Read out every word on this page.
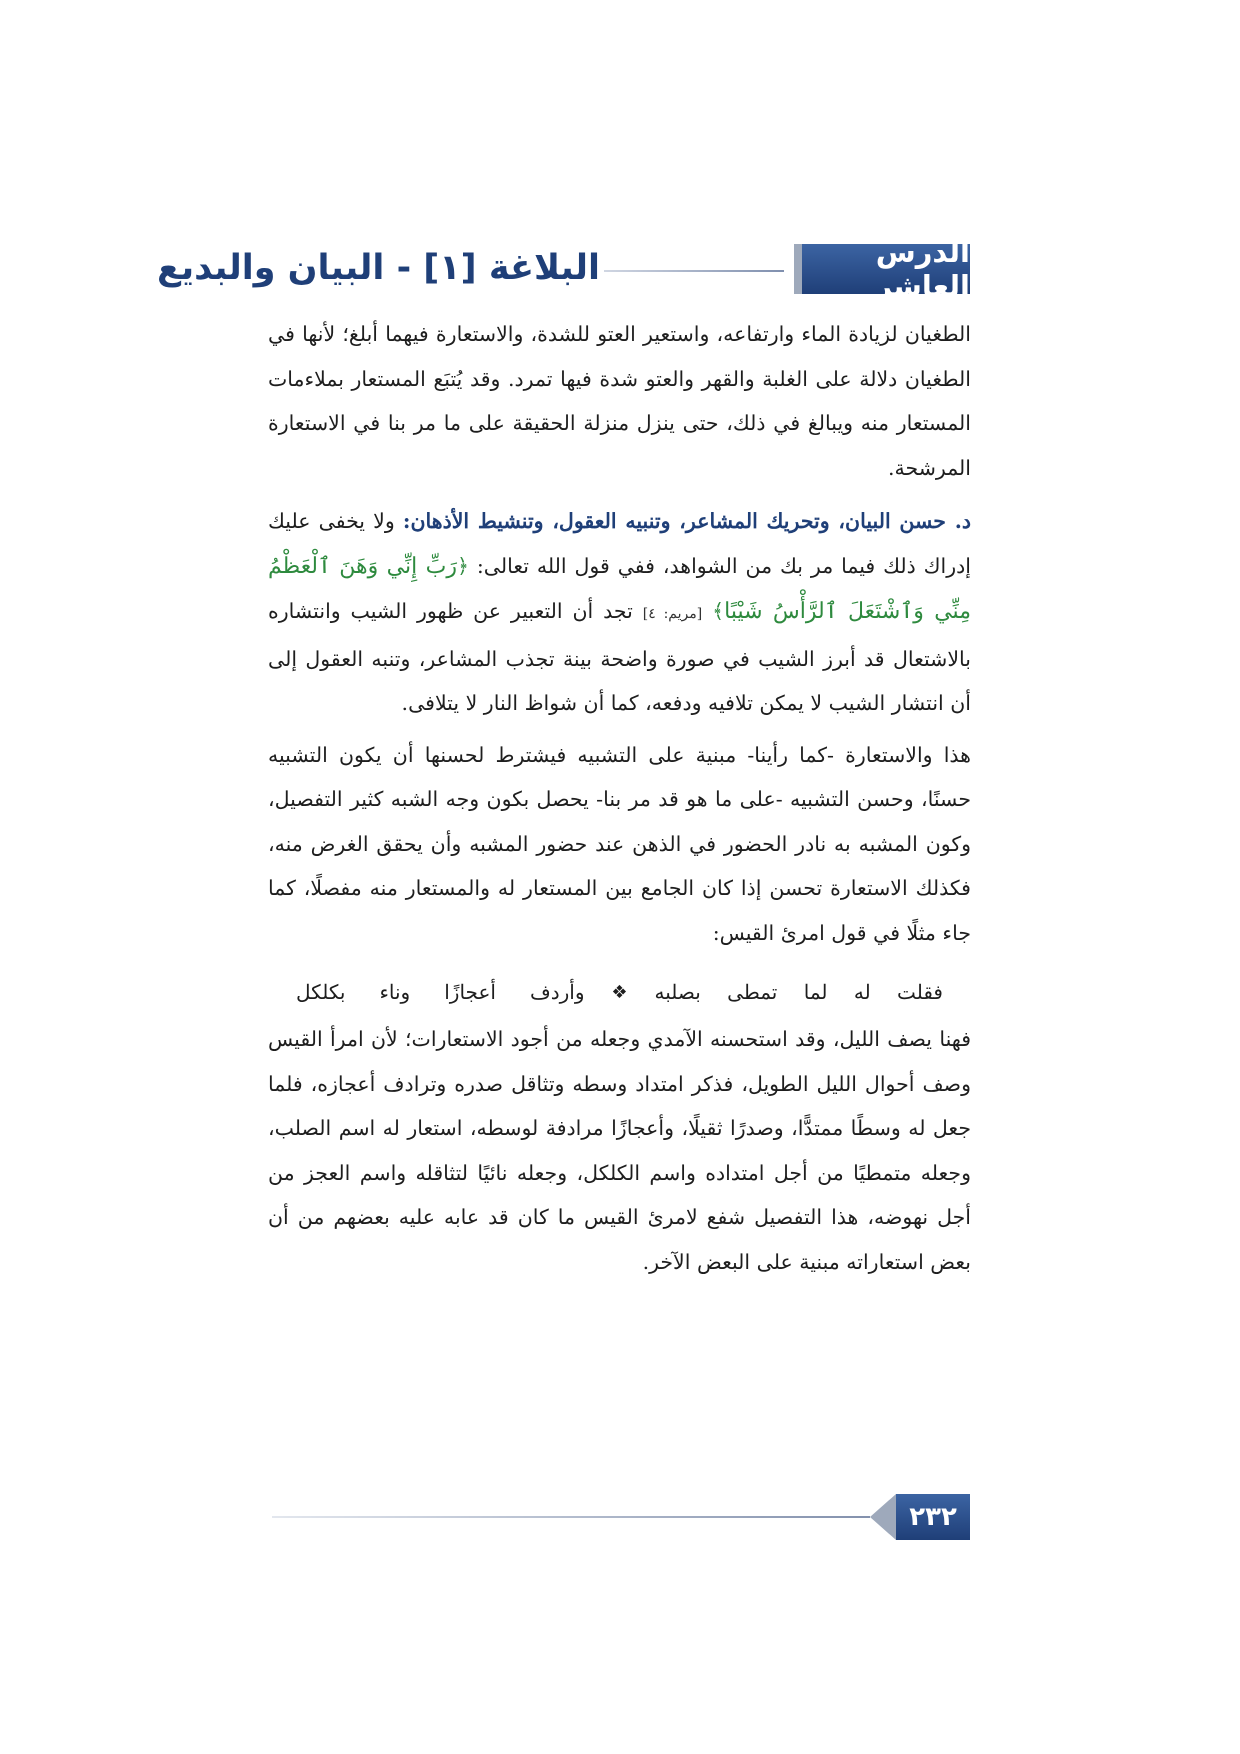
الدرس العاشر
البلاغة [١] - البيان والبديع

الطغيان لزيادة الماء وارتفاعه، واستعير العتو للشدة، والاستعارة فيهما أبلغ؛ لأنها في الطغيان دلالة على الغلبة والقهر والعتو شدة فيها تمرد. وقد يُتبَع المستعار بملاءمات المستعار منه ويبالغ في ذلك، حتى ينزل منزلة الحقيقة على ما مر بنا في الاستعارة المرشحة.

د. حسن البيان، وتحريك المشاعر، وتنبيه العقول، وتنشيط الأذهان: ولا يخفى عليك إدراك ذلك فيما مر بك من الشواهد، ففي قول الله تعالى: ﴿رَبِّ إِنِّي وَهَنَ ٱلْعَظْمُ مِنِّي وَٱشْتَعَلَ ٱلرَّأْسُ شَيْبًا﴾ [مريم: ٤] تجد أن التعبير عن ظهور الشيب وانتشاره بالاشتعال قد أبرز الشيب في صورة واضحة بينة تجذب المشاعر، وتنبه العقول إلى أن انتشار الشيب لا يمكن تلافيه ودفعه، كما أن شواظ النار لا يتلافى.

هذا والاستعارة -كما رأينا- مبنية على التشبيه فيشترط لحسنها أن يكون التشبيه حسنًا، وحسن التشبيه -على ما هو قد مر بنا- يحصل بكون وجه الشبه كثير التفصيل، وكون المشبه به نادر الحضور في الذهن عند حضور المشبه وأن يحقق الغرض منه، فكذلك الاستعارة تحسن إذا كان الجامع بين المستعار له والمستعار منه مفصلًا، كما جاء مثلًا في قول امرئ القيس:

فقلت له لما تمطى بصلبه
❖
وأردف أعجازًا وناء بكلكل

فهنا يصف الليل، وقد استحسنه الآمدي وجعله من أجود الاستعارات؛ لأن امرأ القيس وصف أحوال الليل الطويل، فذكر امتداد وسطه وتثاقل صدره وترادف أعجازه، فلما جعل له وسطًا ممتدًّا، وصدرًا ثقيلًا، وأعجازًا مرادفة لوسطه، استعار له اسم الصلب، وجعله متمطيًا من أجل امتداده واسم الكلكل، وجعله نائيًا لتثاقله واسم العجز من أجل نهوضه، هذا التفصيل شفع لامرئ القيس ما كان قد عابه عليه بعضهم من أن بعض استعاراته مبنية على البعض الآخر.

٢٣٢
